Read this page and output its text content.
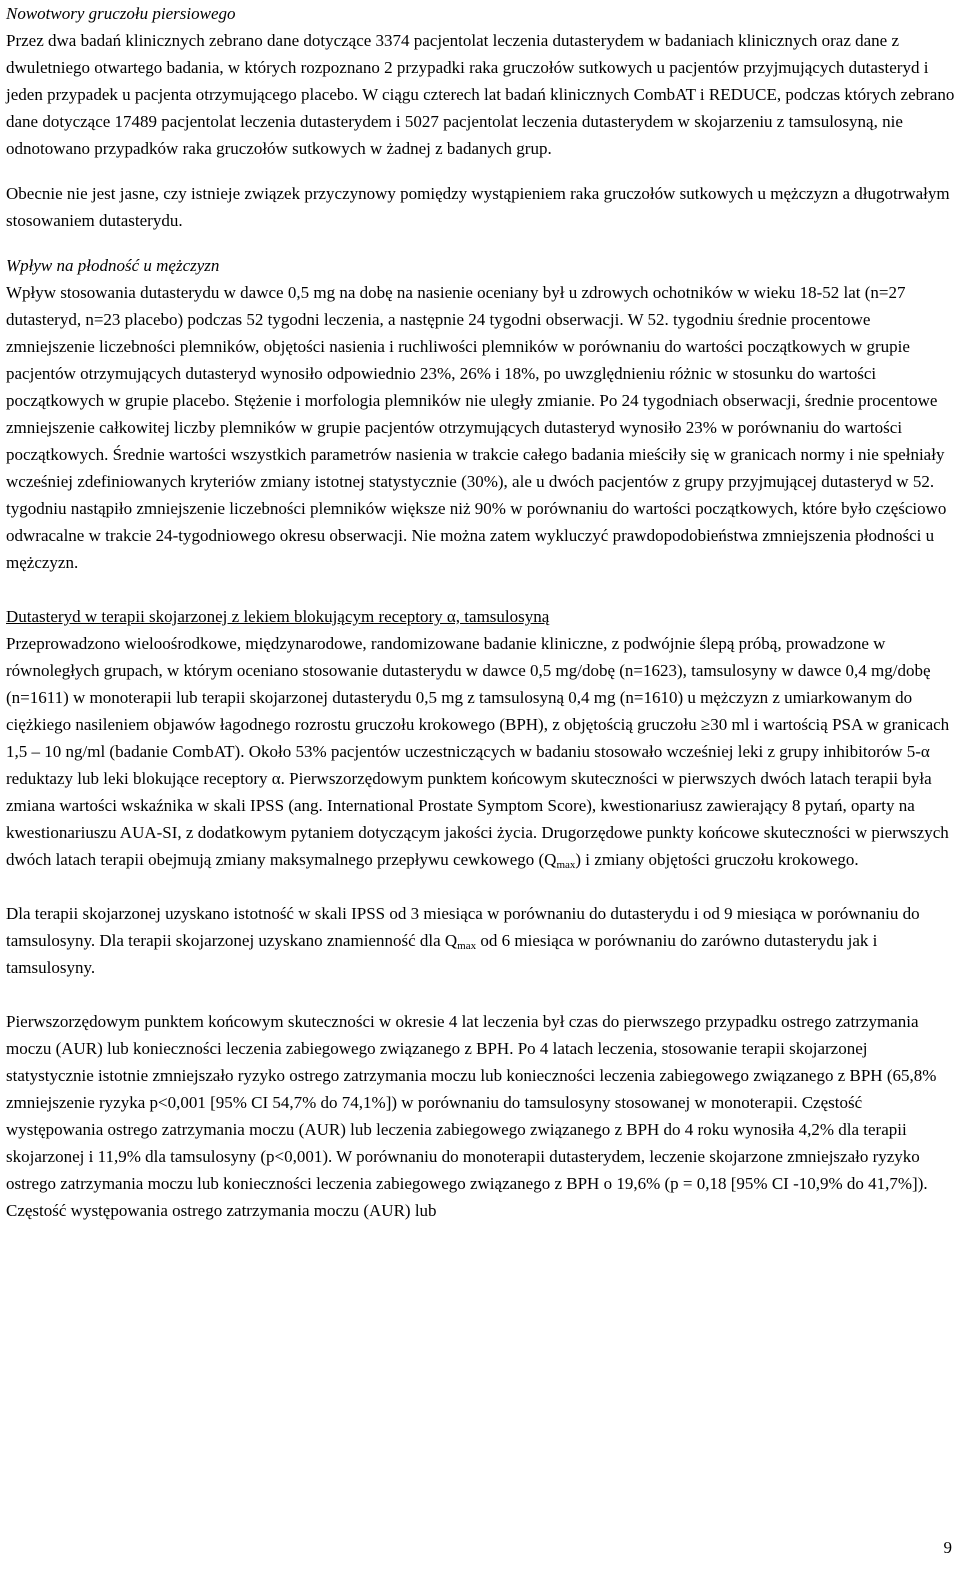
Nowotwory gruczołu piersiowego

Przez dwa badań klinicznych zebrano dane dotyczące 3374 pacjentolat leczenia dutasterydem w badaniach klinicznych oraz dane z dwuletniego otwartego badania, w których rozpoznano 2 przypadki raka gruczołów sutkowych u pacjentów przyjmujących dutasteryd i jeden przypadek u pacjenta otrzymującego placebo. W ciągu czterech lat badań klinicznych CombAT i REDUCE, podczas których zebrano dane dotyczące 17489 pacjentolat leczenia dutasterydem i 5027 pacjentolat leczenia dutasterydem w skojarzeniu z tamsulosyną, nie odnotowano przypadków raka gruczołów sutkowych w żadnej z badanych grup.

Obecnie nie jest jasne, czy istnieje związek przyczynowy pomiędzy wystąpieniem raka gruczołów sutkowych u mężczyzn a długotrwałym stosowaniem dutasterydu.

Wpływ na płodność u mężczyzn

Wpływ stosowania dutasterydu w dawce 0,5 mg na dobę na nasienie oceniany był u zdrowych ochotników w wieku 18-52 lat (n=27 dutasteryd, n=23 placebo) podczas 52 tygodni leczenia, a następnie 24 tygodni obserwacji. W 52. tygodniu średnie procentowe zmniejszenie liczebności plemników, objętości nasienia i ruchliwości plemników w porównaniu do wartości początkowych w grupie pacjentów otrzymujących dutasteryd wynosiło odpowiednio 23%, 26% i 18%, po uwzględnieniu różnic w stosunku do wartości początkowych w grupie placebo. Stężenie i morfologia plemników nie uległy zmianie. Po 24 tygodniach obserwacji, średnie procentowe zmniejszenie całkowitej liczby plemników w grupie pacjentów otrzymujących dutasteryd wynosiło 23% w porównaniu do wartości początkowych. Średnie wartości wszystkich parametrów nasienia w trakcie całego badania mieściły się w granicach normy i nie spełniały wcześniej zdefiniowanych kryteriów zmiany istotnej statystycznie (30%), ale u dwóch pacjentów z grupy przyjmującej dutasteryd w 52. tygodniu nastąpiło zmniejszenie liczebności plemników większe niż 90% w porównaniu do wartości początkowych, które było częściowo odwracalne w trakcie 24-tygodniowego okresu obserwacji. Nie można zatem wykluczyć prawdopodobieństwa zmniejszenia płodności u mężczyzn.

Dutasteryd w terapii skojarzonej z lekiem blokującym receptory α, tamsulosyną

Przeprowadzono wieloośrodkowe, międzynarodowe, randomizowane badanie kliniczne, z podwójnie ślepą próbą, prowadzone w równoległych grupach, w którym oceniano stosowanie dutasterydu w dawce 0,5 mg/dobę (n=1623), tamsulosyny w dawce 0,4 mg/dobę (n=1611) w monoterapii lub terapii skojarzonej dutasterydu 0,5 mg z tamsulosyną 0,4 mg (n=1610) u mężczyzn z umiarkowanym do ciężkiego nasileniem objawów łagodnego rozrostu gruczołu krokowego (BPH), z objętością gruczołu ≥30 ml i wartością PSA w granicach 1,5 – 10 ng/ml (badanie CombAT). Około 53% pacjentów uczestniczących w badaniu stosowało wcześniej leki z grupy inhibitorów 5-α reduktazy lub leki blokujące receptory α. Pierwszorzędowym punktem końcowym skuteczności w pierwszych dwóch latach terapii była zmiana wartości wskaźnika w skali IPSS (ang. International Prostate Symptom Score), kwestionariusz zawierający 8 pytań, oparty na kwestionariuszu AUA-SI, z dodatkowym pytaniem dotyczącym jakości życia. Drugorzędowe punkty końcowe skuteczności w pierwszych dwóch latach terapii obejmują zmiany maksymalnego przepływu cewkowego $(Q_{max})$ i zmiany objętości gruczołu krokowego.

Dla terapii skojarzonej uzyskano istotność w skali IPSS od 3 miesiąca w porównaniu do dutasterydu i od 9 miesiąca w porównaniu do tamsulosyny. Dla terapii skojarzonej uzyskano znamienność dla $Q_{max}$ od 6 miesiąca w porównaniu do zarówno dutasterydu jak i tamsulosyny.

Pierwszorzędowym punktem końcowym skuteczności w okresie 4 lat leczenia był czas do pierwszego przypadku ostrego zatrzymania moczu (AUR) lub konieczności leczenia zabiegowego związanego z BPH. Po 4 latach leczenia, stosowanie terapii skojarzonej statystycznie istotnie zmniejszało ryzyko ostrego zatrzymania moczu lub konieczności leczenia zabiegowego związanego z BPH (65,8% zmniejszenie ryzyka p<0,001 [95% CI 54,7% do 74,1%]) w porównaniu do tamsulosyny stosowanej w monoterapii. Częstość występowania ostrego zatrzymania moczu (AUR) lub leczenia zabiegowego związanego z BPH do 4 roku wynosiła 4,2% dla terapii skojarzonej i 11,9% dla tamsulosyny (p<0,001). W porównaniu do monoterapii dutasterydem, leczenie skojarzone zmniejszało ryzyko ostrego zatrzymania moczu lub konieczności leczenia zabiegowego związanego z BPH o 19,6% (p = 0,18 [95% CI -10,9% do 41,7%]). Częstość występowania ostrego zatrzymania moczu (AUR) lub

9
